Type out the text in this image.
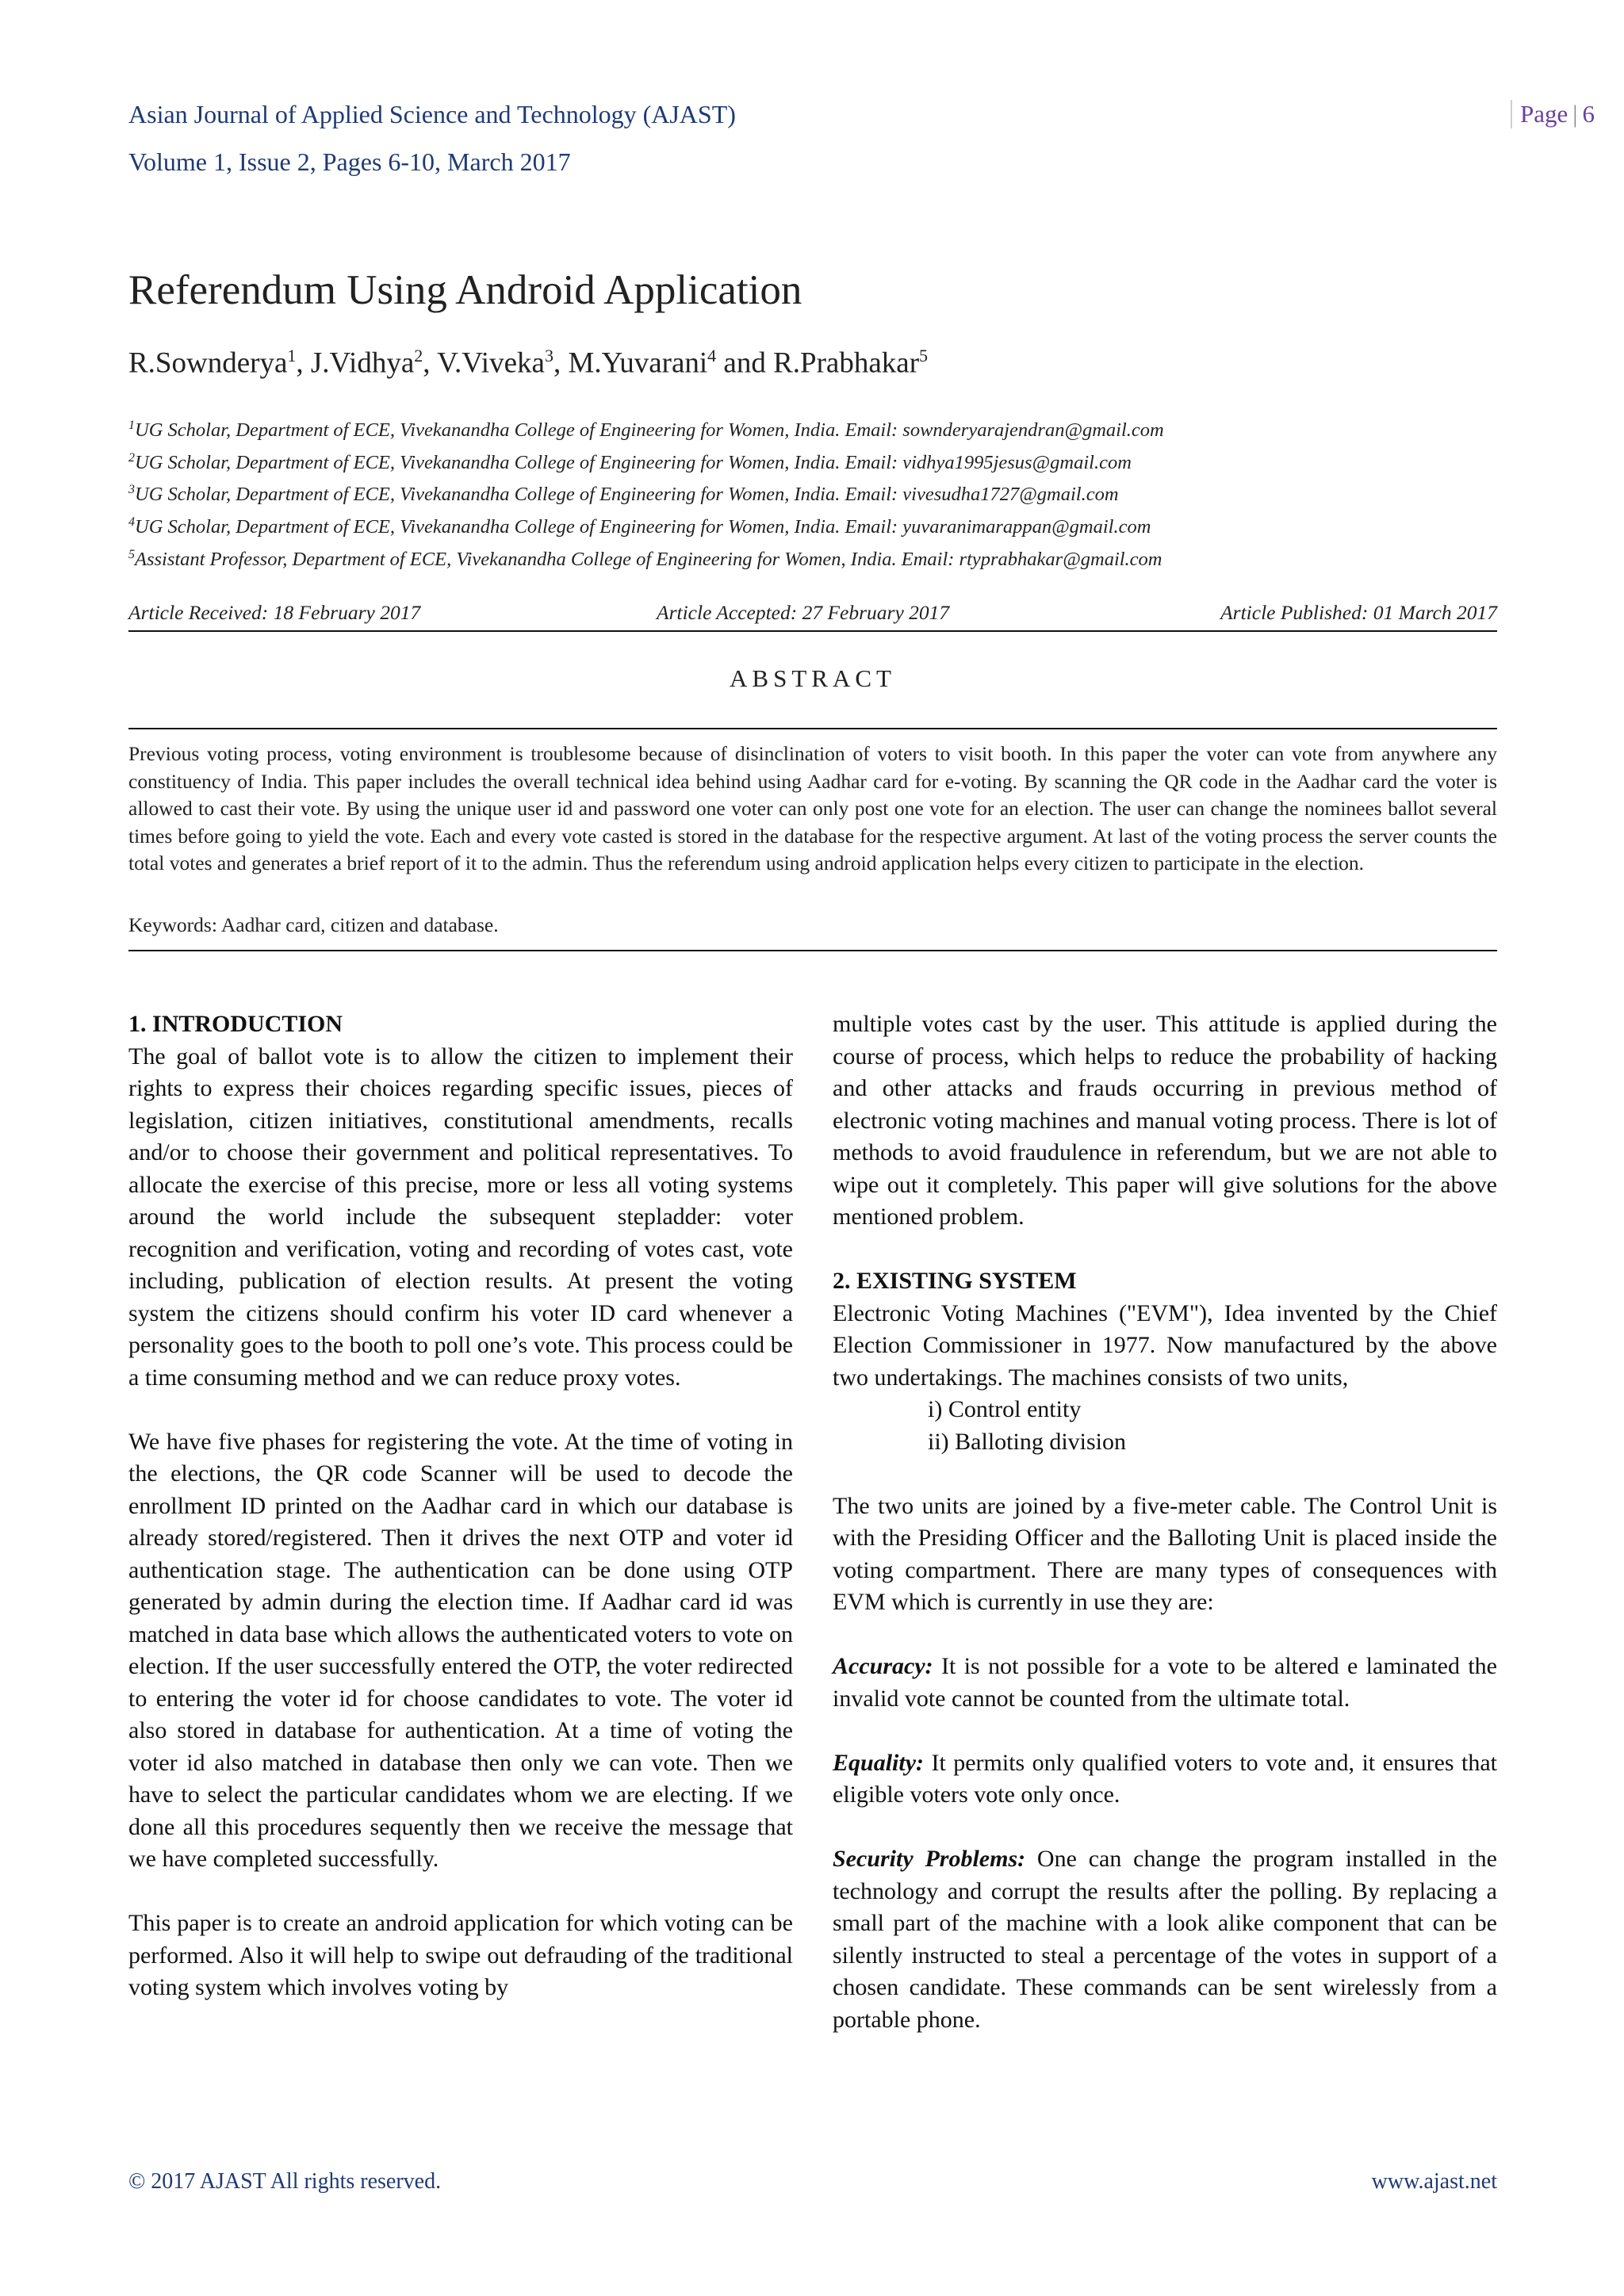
Asian Journal of Applied Science and Technology (AJAST)
Volume 1, Issue 2, Pages 6-10, March 2017
Page | 6
Referendum Using Android Application
R.Sownderya$^1$, J.Vidhya$^2$, V.Viveka$^3$, M.Yuvarani$^4$ and R.Prabhakar$^5$
$^1$UG Scholar, Department of ECE, Vivekanandha College of Engineering for Women, India. Email: sownderyarajendran@gmail.com
$^2$UG Scholar, Department of ECE, Vivekanandha College of Engineering for Women, India. Email: vidhya1995jesus@gmail.com
$^3$UG Scholar, Department of ECE, Vivekanandha College of Engineering for Women, India. Email: vivesudha1727@gmail.com
$^4$UG Scholar, Department of ECE, Vivekanandha College of Engineering for Women, India. Email: yuvaranimarappan@gmail.com
$^5$Assistant Professor, Department of ECE, Vivekanandha College of Engineering for Women, India. Email: rtyprabhakar@gmail.com
Article Received: 18 February 2017	Article Accepted: 27 February 2017	Article Published: 01 March 2017
ABSTRACT
Previous voting process, voting environment is troublesome because of disinclination of voters to visit booth. In this paper the voter can vote from anywhere any constituency of India. This paper includes the overall technical idea behind using Aadhar card for e-voting. By scanning the QR code in the Aadhar card the voter is allowed to cast their vote. By using the unique user id and password one voter can only post one vote for an election. The user can change the nominees ballot several times before going to yield the vote. Each and every vote casted is stored in the database for the respective argument. At last of the voting process the server counts the total votes and generates a brief report of it to the admin. Thus the referendum using android application helps every citizen to participate in the election.
Keywords: Aadhar card, citizen and database.

1. INTRODUCTION

The goal of ballot vote is to allow the citizen to implement their rights to express their choices regarding specific issues, pieces of legislation, citizen initiatives, constitutional amendments, recalls and/or to choose their government and political representatives. To allocate the exercise of this precise, more or less all voting systems around the world include the subsequent stepladder: voter recognition and verification, voting and recording of votes cast, vote including, publication of election results. At present the voting system the citizens should confirm his voter ID card whenever a personality goes to the booth to poll one’s vote. This process could be a time consuming method and we can reduce proxy votes.

We have five phases for registering the vote. At the time of voting in the elections, the QR code Scanner will be used to decode the enrollment ID printed on the Aadhar card in which our database is already stored/registered. Then it drives the next OTP and voter id authentication stage. The authentication can be done using OTP generated by admin during the election time. If Aadhar card id was matched in data base which allows the authenticated voters to vote on election. If the user successfully entered the OTP, the voter redirected to entering the voter id for choose candidates to vote. The voter id also stored in database for authentication. At a time of voting the voter id also matched in database then only we can vote. Then we have to select the particular candidates whom we are electing. If we done all this procedures sequently then we receive the message that we have completed successfully.

This paper is to create an android application for which voting can be performed. Also it will help to swipe out defrauding of the traditional voting system which involves voting by

multiple votes cast by the user. This attitude is applied during the course of process, which helps to reduce the probability of hacking and other attacks and frauds occurring in previous method of electronic voting machines and manual voting process. There is lot of methods to avoid fraudulence in referendum, but we are not able to wipe out it completely. This paper will give solutions for the above mentioned problem.

2. EXISTING SYSTEM

Electronic Voting Machines ("EVM"), Idea invented by the Chief Election Commissioner in 1977. Now manufactured by the above two undertakings. The machines consists of two units,

i) Control entity

ii) Balloting division

The two units are joined by a five-meter cable. The Control Unit is with the Presiding Officer and the Balloting Unit is placed inside the voting compartment. There are many types of consequences with EVM which is currently in use they are:

Accuracy: It is not possible for a vote to be altered e laminated the invalid vote cannot be counted from the ultimate total.

Equality: It permits only qualified voters to vote and, it ensures that eligible voters vote only once.

Security Problems: One can change the program installed in the technology and corrupt the results after the polling. By replacing a small part of the machine with a look alike component that can be silently instructed to steal a percentage of the votes in support of a chosen candidate. These commands can be sent wirelessly from a portable phone.

© 2017 AJAST All rights reserved.	www.ajast.net
